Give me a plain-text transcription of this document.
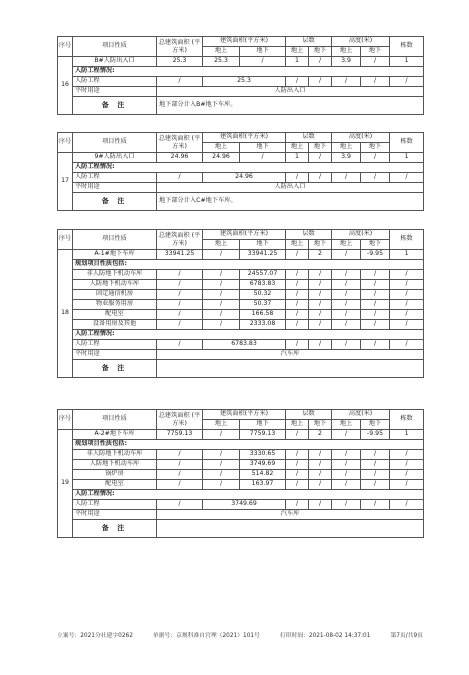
序号	项目性质	总建筑面积 (平方米)	建筑面积(平方米)		层数		高度(米)		栋数
			地上	地下	地上	地下	地上	地下	
16	B#人防出入口	25.3	25.3	/	1	/	3.9	/	1
	人防工程情况:								
	人防工程	/	25.3		/	/	/	/	/
	平时用途	人防出入口							
	备 注	地下部分计入B#地下车库。							
序号	项目性质	总建筑面积 (平方米)	建筑面积(平方米)		层数		高度(米)		栋数
			地上	地下	地上	地下	地上	地下	
17	9#人防出入口	24.96	24.96	/	1	/	3.9	/	1
	人防工程情况:								
	人防工程	/	24.96		/	/	/	/	/
	平时用途	人防出入口							
	备 注	地下部分计入C#地下车库。							
序号	项目性质	总建筑面积 (平方米)	建筑面积(平方米)		层数		高度(米)		栋数
			地上	地下	地上	地下	地上	地下	
18	A-1#地下车库	33941.25	/	33941.25	/	2	/	-9.95	1
	规划项目性质包括:								
	非人防地下机动车库	/	/	24557.07	/	/	/	/	/
	人防地下机动车库	/	/	6783.83	/	/	/	/	/
	固定通信机房	/	/	50.32	/	/	/	/	/
	物业服务用房	/	/	50.37	/	/	/	/	/
	配电室	/	/	166.58	/	/	/	/	/
	设备用房及其他	/	/	2333.08	/	/	/	/	/
	人防工程情况:								
	人防工程	/	6783.83		/	/	/	/	/
	平时用途	汽车库							
	备 注								
序号	项目性质	总建筑面积 (平方米)	建筑面积(平方米)		层数		高度(米)		栋数
			地上	地下	地上	地下	地上	地下	
19	A-2#地下车库	7759.13	/	7759.13	/	2	/	-9.95	1
	规划项目性质包括:								
	非人防地下机动车库	/	/	3330.65	/	/	/	/	/
	人防地下机动车库	/	/	3749.69	/	/	/	/	/
	锅炉房	/	/	514.82	/	/	/	/	/
	配电室	/	/	163.97	/	/	/	/	/
	人防工程情况:								
	人防工程	/	3749.69		/	/	/	/	/
	平时用途	汽车库							
	备 注								
立案号：2021分社建字0262	单据号：京规科准自官理（2021）101号	打印时间：2021-08-02 14:37:01	第7页/共9页
